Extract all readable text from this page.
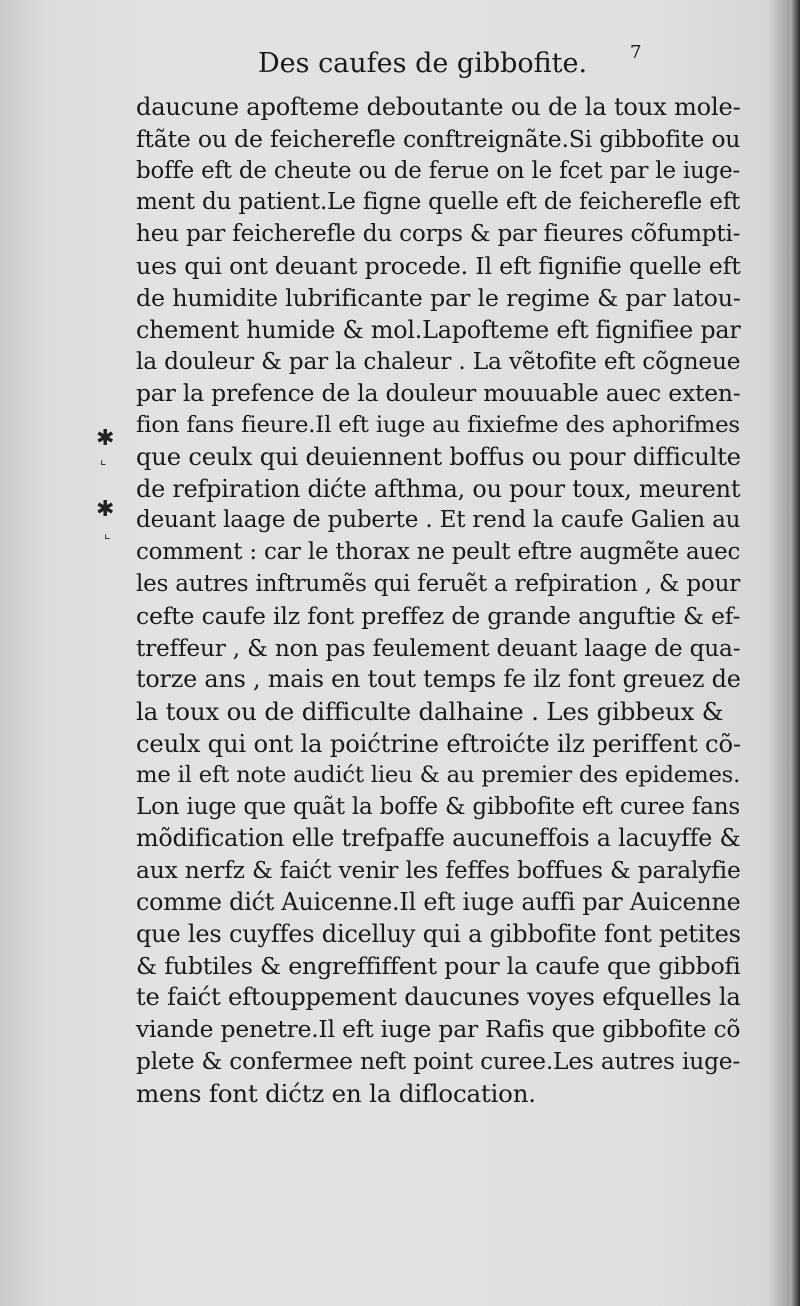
Des caufes de gibbofite. 7
✱
⌞
✱
⌞
daucune apofteme deboutante ou de la toux mole-
ftãte ou de feicherefle conftreignãte.Si gibbofite ou
boffe eft de cheute ou de ferue on le fcet par le iuge-
ment du patient.Le figne quelle eft de feicherefle eft
heu par feicherefle du corps & par fieures cõfumpti-
ues qui ont deuant procede. Il eft fignifie quelle eft
de humidite lubrificante par le regime & par latou-
chement humide & mol.Lapofteme eft fignifiee par
la douleur & par la chaleur . La vẽtofite eft cõgneue
par la prefence de la douleur mouuable auec exten-
fion fans fieure.Il eft iuge au fixiefme des aphorifmes
que ceulx qui deuiennent boffus ou pour difficulte
de refpiration dićte afthma, ou pour toux, meurent
deuant laage de puberte . Et rend la caufe Galien au
comment : car le thorax ne peult eftre augmẽte auec
les autres inftrumẽs qui feruẽt a refpiration , & pour
cefte caufe ilz font preffez de grande anguftie & ef-
treffeur , & non pas feulement deuant laage de qua-
torze ans , mais en tout temps fe ilz font greuez de
la toux ou de difficulte dalhaine . Les gibbeux &
ceulx qui ont la poićtrine eftroićte ilz periffent cõ-
me il eft note audićt lieu & au premier des epidemes.
Lon iuge que quãt la boffe & gibbofite eft curee fans
mõdification elle trefpaffe aucuneffois a lacuyffe &
aux nerfz & faićt venir les feffes boffues & paralyfie
comme dićt Auicenne.Il eft iuge auffi par Auicenne
que les cuyffes dicelluy qui a gibbofite font petites
& fubtiles & engreffiffent pour la caufe que gibbofi
te faićt eftouppement daucunes voyes efquelles la
viande penetre.Il eft iuge par Rafis que gibbofite cõ
plete & confermee neft point curee.Les autres iuge-
mens font dićtz en la diflocation.
